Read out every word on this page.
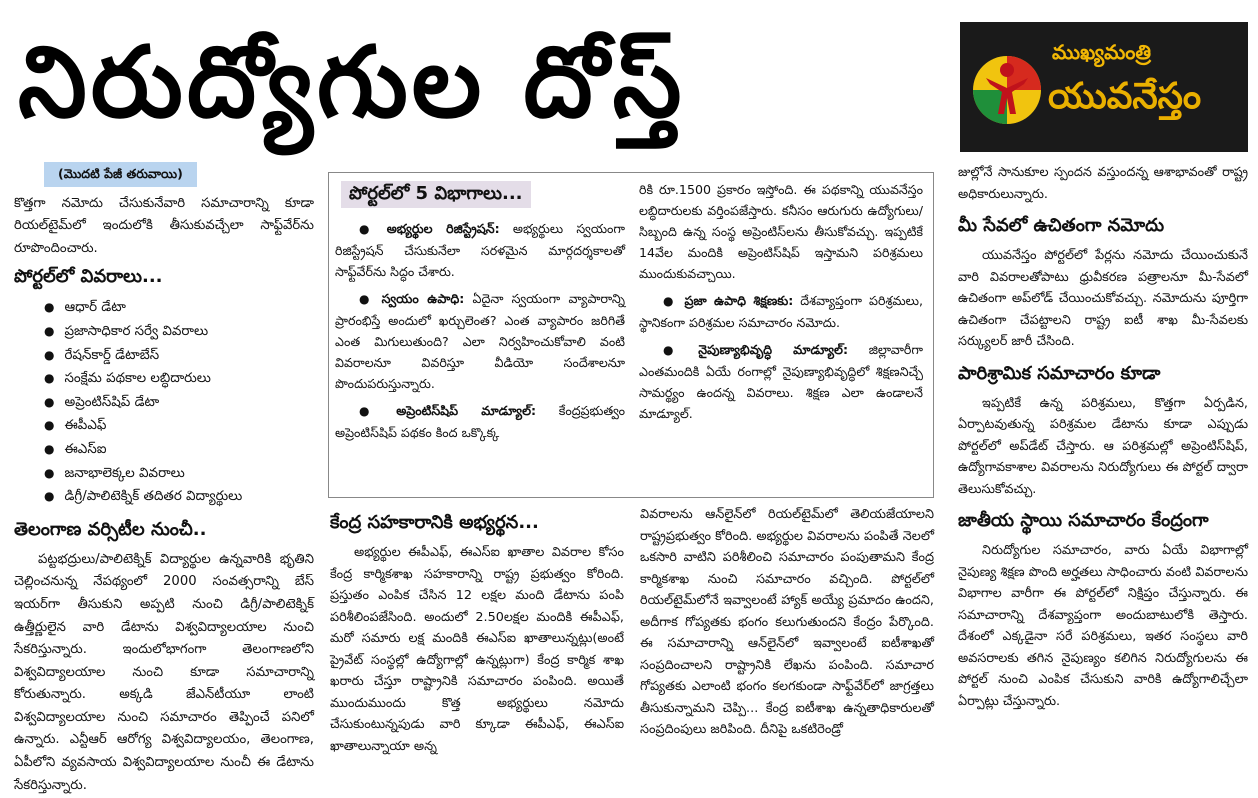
నిరుద్యోగుల దోస్త్	ముఖ్యమంత్రి
యువనేస్తం
(మొదటి పేజీ తరువాయి)

కొత్తగా నమోదు చేసుకునేవారి సమాచారాన్ని కూడా రియల్‌టైమ్‌లో ఇందులోకి తీసుకువచ్చేలా సాఫ్ట్‌వేర్‌ను రూపొందించారు.

పోర్టల్‌లో వివరాలు...
● ఆధార్ డేటా
● ప్రజాసాధికార సర్వే వివరాలు
● రేషన్‌కార్డ్ డేటాబేస్
● సంక్షేమ పథకాల లబ్ధిదారులు
● అప్రెంటిస్‌షిప్ డేటా
● ఈపీఎఫ్
● ఈఎస్ఐ
● జనాభాలెక్కల వివరాలు
● డిగ్రీ/పాలిటెక్నిక్ తదితర విద్యార్థులు
తెలంగాణ వర్సిటీల నుంచీ..

పట్టభద్రులు/పాలిటెక్నిక్ విద్యార్థుల ఉన్నవారికి భృతిని చెల్లించనున్న నేపథ్యంలో 2000 సంవత్సరాన్ని బేస్ ఇయర్‌గా తీసుకుని అప్పటి నుంచి డిగ్రీ/పాలిటెక్నిక్ ఉత్తీర్ణులైన వారి డేటాను విశ్వవిద్యాలయాల నుంచి సేకరిస్తున్నారు. ఇందులోభాగంగా తెలంగాణలోని విశ్వవిద్యాలయాల నుంచి కూడా సమాచారాన్ని కోరుతున్నారు. అక్కడి జేఎన్‌టీయూ లాంటి విశ్వవిద్యాలయాల నుంచి సమాచారం తెప్పించే పనిలో ఉన్నారు. ఎన్టీఆర్ ఆరోగ్య విశ్వవిద్యాలయం, తెలంగాణ, ఏపీలోని వ్యవసాయ విశ్వవిద్యాలయాల నుంచీ ఈ డేటాను సేకరిస్తున్నారు.

పోర్టల్‌లో 5 విభాగాలు...

● అభ్యర్థుల రిజిస్ట్రేషన్: అభ్యర్థులు స్వయంగా రిజిస్ట్రేషన్ చేసుకునేలా సరళమైన మార్గదర్శకాలతో సాఫ్ట్‌వేర్‌ను సిద్ధం చేశారు.

● స్వయం ఉపాధి: ఏదైనా స్వయంగా వ్యాపారాన్ని ప్రారంభిస్తే అందులో ఖర్చులెంత? ఎంత వ్యాపారం జరిగితే ఎంత మిగులుతుంది? ఎలా నిర్వహించుకోవాలి వంటి వివరాలనూ వివరిస్తూ వీడియో సందేశాలనూ పొందుపరుస్తున్నారు.

● అప్రెంటిస్‌షిప్ మాడ్యూల్: కేంద్రప్రభుత్వం అప్రెంటిస్‌షిప్ పథకం కింద ఒక్కొక్క

రికి రూ.1500 ప్రకారం ఇస్తోంది. ఈ పథకాన్ని యువనేస్తం లబ్ధిదారులకు వర్తింపజేస్తారు. కనీసం ఆరుగురు ఉద్యోగులు/సిబ్బంది ఉన్న సంస్థ అప్రెంటిస్‌లను తీసుకోవచ్చు. ఇప్పటికే 14వేల మందికి అప్రెంటిస్‌షిప్ ఇస్తామని పరిశ్రమలు ముందుకువచ్చాయి.

● ప్రజా ఉపాధి శిక్షణకు: దేశవ్యాప్తంగా పరిశ్రమలు, స్థానికంగా పరిశ్రమల సమాచారం నమోదు.

● నైపుణ్యాభివృద్ధి మాడ్యూల్: జిల్లావారీగా ఎంతమందికి ఏయే రంగాల్లో నైపుణ్యాభివృద్ధిలో శిక్షణనిచ్చే సామర్థ్యం ఉందన్న వివరాలు. శిక్షణ ఎలా ఉండాలనే మాడ్యూల్.

కేంద్ర సహకారానికి అభ్యర్థన...

అభ్యర్థుల ఈపీఎఫ్, ఈఎస్ఐ ఖాతాల వివరాల కోసం కేంద్ర కార్మికశాఖ సహకారాన్ని రాష్ట్ర ప్రభుత్వం కోరింది. ప్రస్తుతం ఎంపిక చేసిన 12 లక్షల మంది డేటాను పంపి పరిశీలింపజేసింది. అందులో 2.50లక్షల మందికి ఈపీఎఫ్, మరో సమారు లక్ష మందికి ఈఎస్ఐ ఖాతాలున్నట్లు(అంటే ప్రైవేట్ సంస్థల్లో ఉద్యోగాల్లో ఉన్నట్లుగా) కేంద్ర కార్మిక శాఖ ఖరారు చేస్తూ రాష్ట్రానికి సమాచారం పంపింది. అయితే ముందుముందు కొత్త అభ్యర్థులు నమోదు చేసుకుంటున్నపుడు వారి క్కూడా ఈపీఎఫ్, ఈఎస్ఐ ఖాతాలున్నాయా అన్న

వివరాలను ఆన్‌లైన్‌లో రియల్‌టైమ్‌లో తెలియజేయాలని రాష్ట్రప్రభుత్వం కోరింది. అభ్యర్థుల వివరాలను పంపితే నెలలో ఒకసారి వాటిని పరిశీలించి సమాచారం పంపుతామని కేంద్ర కార్మికశాఖ నుంచి సమాచారం వచ్చింది. పోర్టల్‌లో రియల్‌టైమ్‌లోనే ఇవ్వాలంటే హ్యాక్ అయ్యే ప్రమాదం ఉందని, అదీగాక గోప్యతకు భంగం కలుగుతుందని కేంద్రం పేర్కొంది. ఈ సమాచారాన్ని ఆన్‌లైన్‌లో ఇవ్వాలంటే ఐటీశాఖతో సంప్రదించాలని రాష్ట్రానికి లేఖను పంపింది. సమాచార గోప్యతకు ఎలాంటి భంగం కలగకుండా సాఫ్ట్‌వేర్‌లో జాగ్రత్తలు తీసుకున్నామని చెప్పి... కేంద్ర ఐటీశాఖ ఉన్నతాధికారులతో సంప్రదింపులు జరిపింది. దీనిపై ఒకటిరెండ్రో

జుల్లోనే సానుకూల స్పందన వస్తుందన్న ఆశాభావంతో రాష్ట్ర అధికారులున్నారు.

మీ సేవలో ఉచితంగా నమోదు

యువనేస్తం పోర్టల్‌లో పేర్లను నమోదు చేయించుకునే వారి వివరాలతోపాటు ధ్రువీకరణ పత్రాలనూ మీ-సేవలో ఉచితంగా అప్‌లోడ్ చేయించుకోవచ్చు. నమోదును పూర్తిగా ఉచితంగా చేపట్టాలని రాష్ట్ర ఐటీ శాఖ మీ-సేవలకు సర్క్యులర్ జారీ చేసింది.

పారిశ్రామిక సమాచారం కూడా

ఇప్పటికే ఉన్న పరిశ్రమలు, కొత్తగా ఏర్పడిన, ఏర్పాటవుతున్న పరిశ్రమల డేటాను కూడా ఎప్పుడు పోర్టల్‌లో అప్‌డేట్ చేస్తారు. ఆ పరిశ్రమల్లో అప్రెంటిస్‌షిప్, ఉద్యోగావకాశాల వివరాలను నిరుద్యోగులు ఈ పోర్టల్ ద్వారా తెలుసుకోవచ్చు.

జాతీయ స్థాయి సమాచారం కేంద్రంగా

నిరుద్యోగుల సమాచారం, వారు ఏయే విభాగాల్లో నైపుణ్య శిక్షణ పొంది అర్హతలు సాధించారు వంటి వివరాలను విభాగాల వారీగా ఈ పోర్టల్‌లో నిక్షిప్తం చేస్తున్నారు. ఈ సమాచారాన్ని దేశవ్యాప్తంగా అందుబాటులోకి తెస్తారు. దేశంలో ఎక్కడైనా సరే పరిశ్రమలు, ఇతర సంస్థలు వారి అవసరాలకు తగిన నైపుణ్యం కలిగిన నిరుద్యోగులను ఈ పోర్టల్ నుంచి ఎంపిక చేసుకుని వారికి ఉద్యోగాలిచ్చేలా ఏర్పాట్లు చేస్తున్నారు.
